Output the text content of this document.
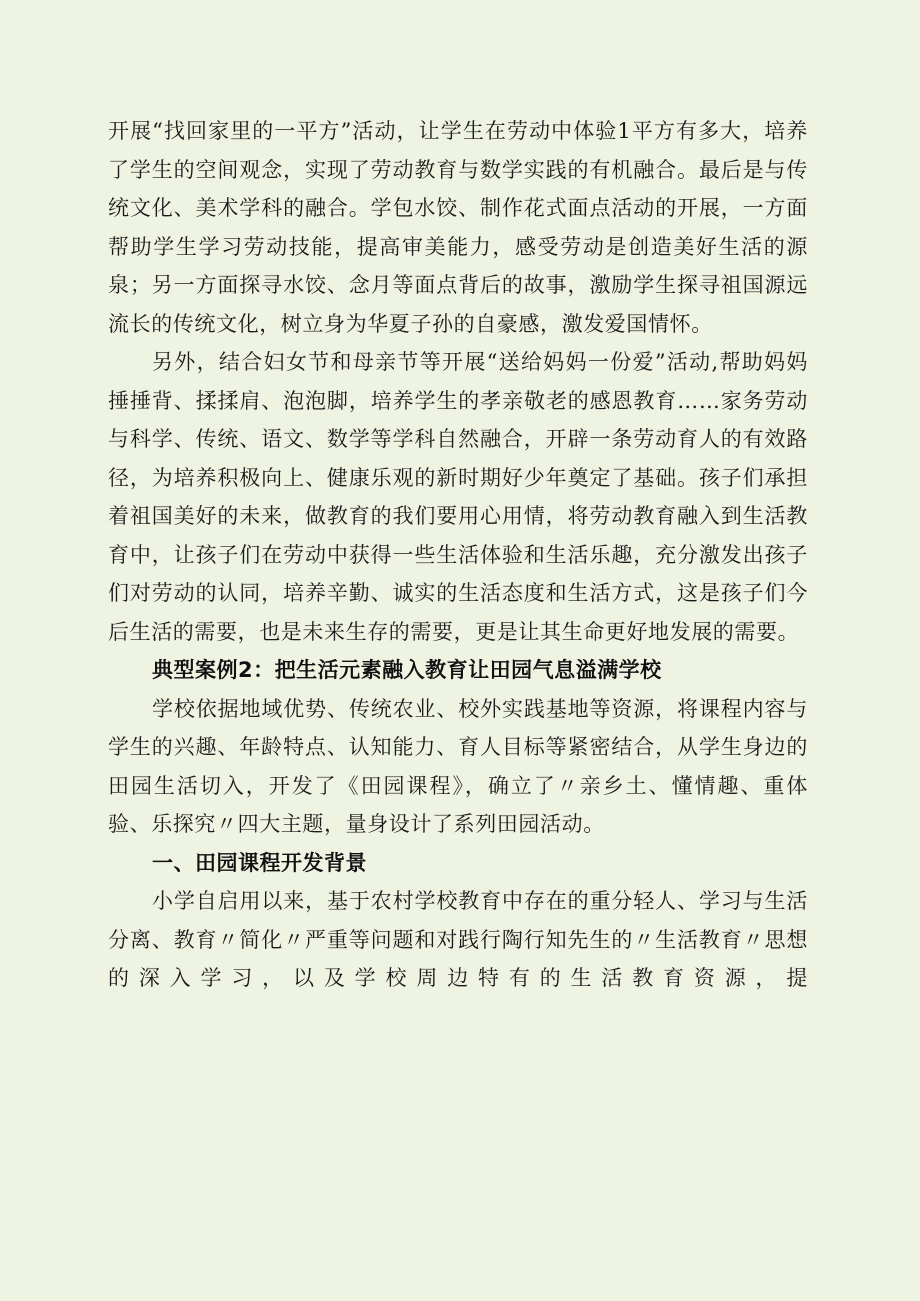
开展“找回家里的一平方”活动，让学生在劳动中体验1平方有多大，培养了学生的空间观念，实现了劳动教育与数学实践的有机融合。最后是与传统文化、美术学科的融合。学包水饺、制作花式面点活动的开展，一方面帮助学生学习劳动技能，提高审美能力，感受劳动是创造美好生活的源泉；另一方面探寻水饺、念月等面点背后的故事，激励学生探寻祖国源远流长的传统文化，树立身为华夏子孙的自豪感，激发爱国情怀。

另外，结合妇女节和母亲节等开展“送给妈妈一份爱”活动,帮助妈妈捶捶背、揉揉肩、泡泡脚，培养学生的孝亲敬老的感恩教育……家务劳动与科学、传统、语文、数学等学科自然融合，开辟一条劳动育人的有效路径，为培养积极向上、健康乐观的新时期好少年奠定了基础。孩子们承担着祖国美好的未来，做教育的我们要用心用情，将劳动教育融入到生活教育中，让孩子们在劳动中获得一些生活体验和生活乐趣，充分激发出孩子们对劳动的认同，培养辛勤、诚实的生活态度和生活方式，这是孩子们今后生活的需要，也是未来生存的需要，更是让其生命更好地发展的需要。

典型案例2：把生活元素融入教育让田园气息溢满学校

学校依据地域优势、传统农业、校外实践基地等资源，将课程内容与学生的兴趣、年龄特点、认知能力、育人目标等紧密结合，从学生身边的田园生活切入，开发了《田园课程》，确立了〃亲乡土、懂情趣、重体验、乐探究〃四大主题，量身设计了系列田园活动。

一、田园课程开发背景

小学自启用以来，基于农村学校教育中存在的重分轻人、学习与生活分离、教育〃简化〃严重等问题和对践行陶行知先生的〃生活教育〃思想的深入学习，以及学校周边特有的生活教育资源，提
